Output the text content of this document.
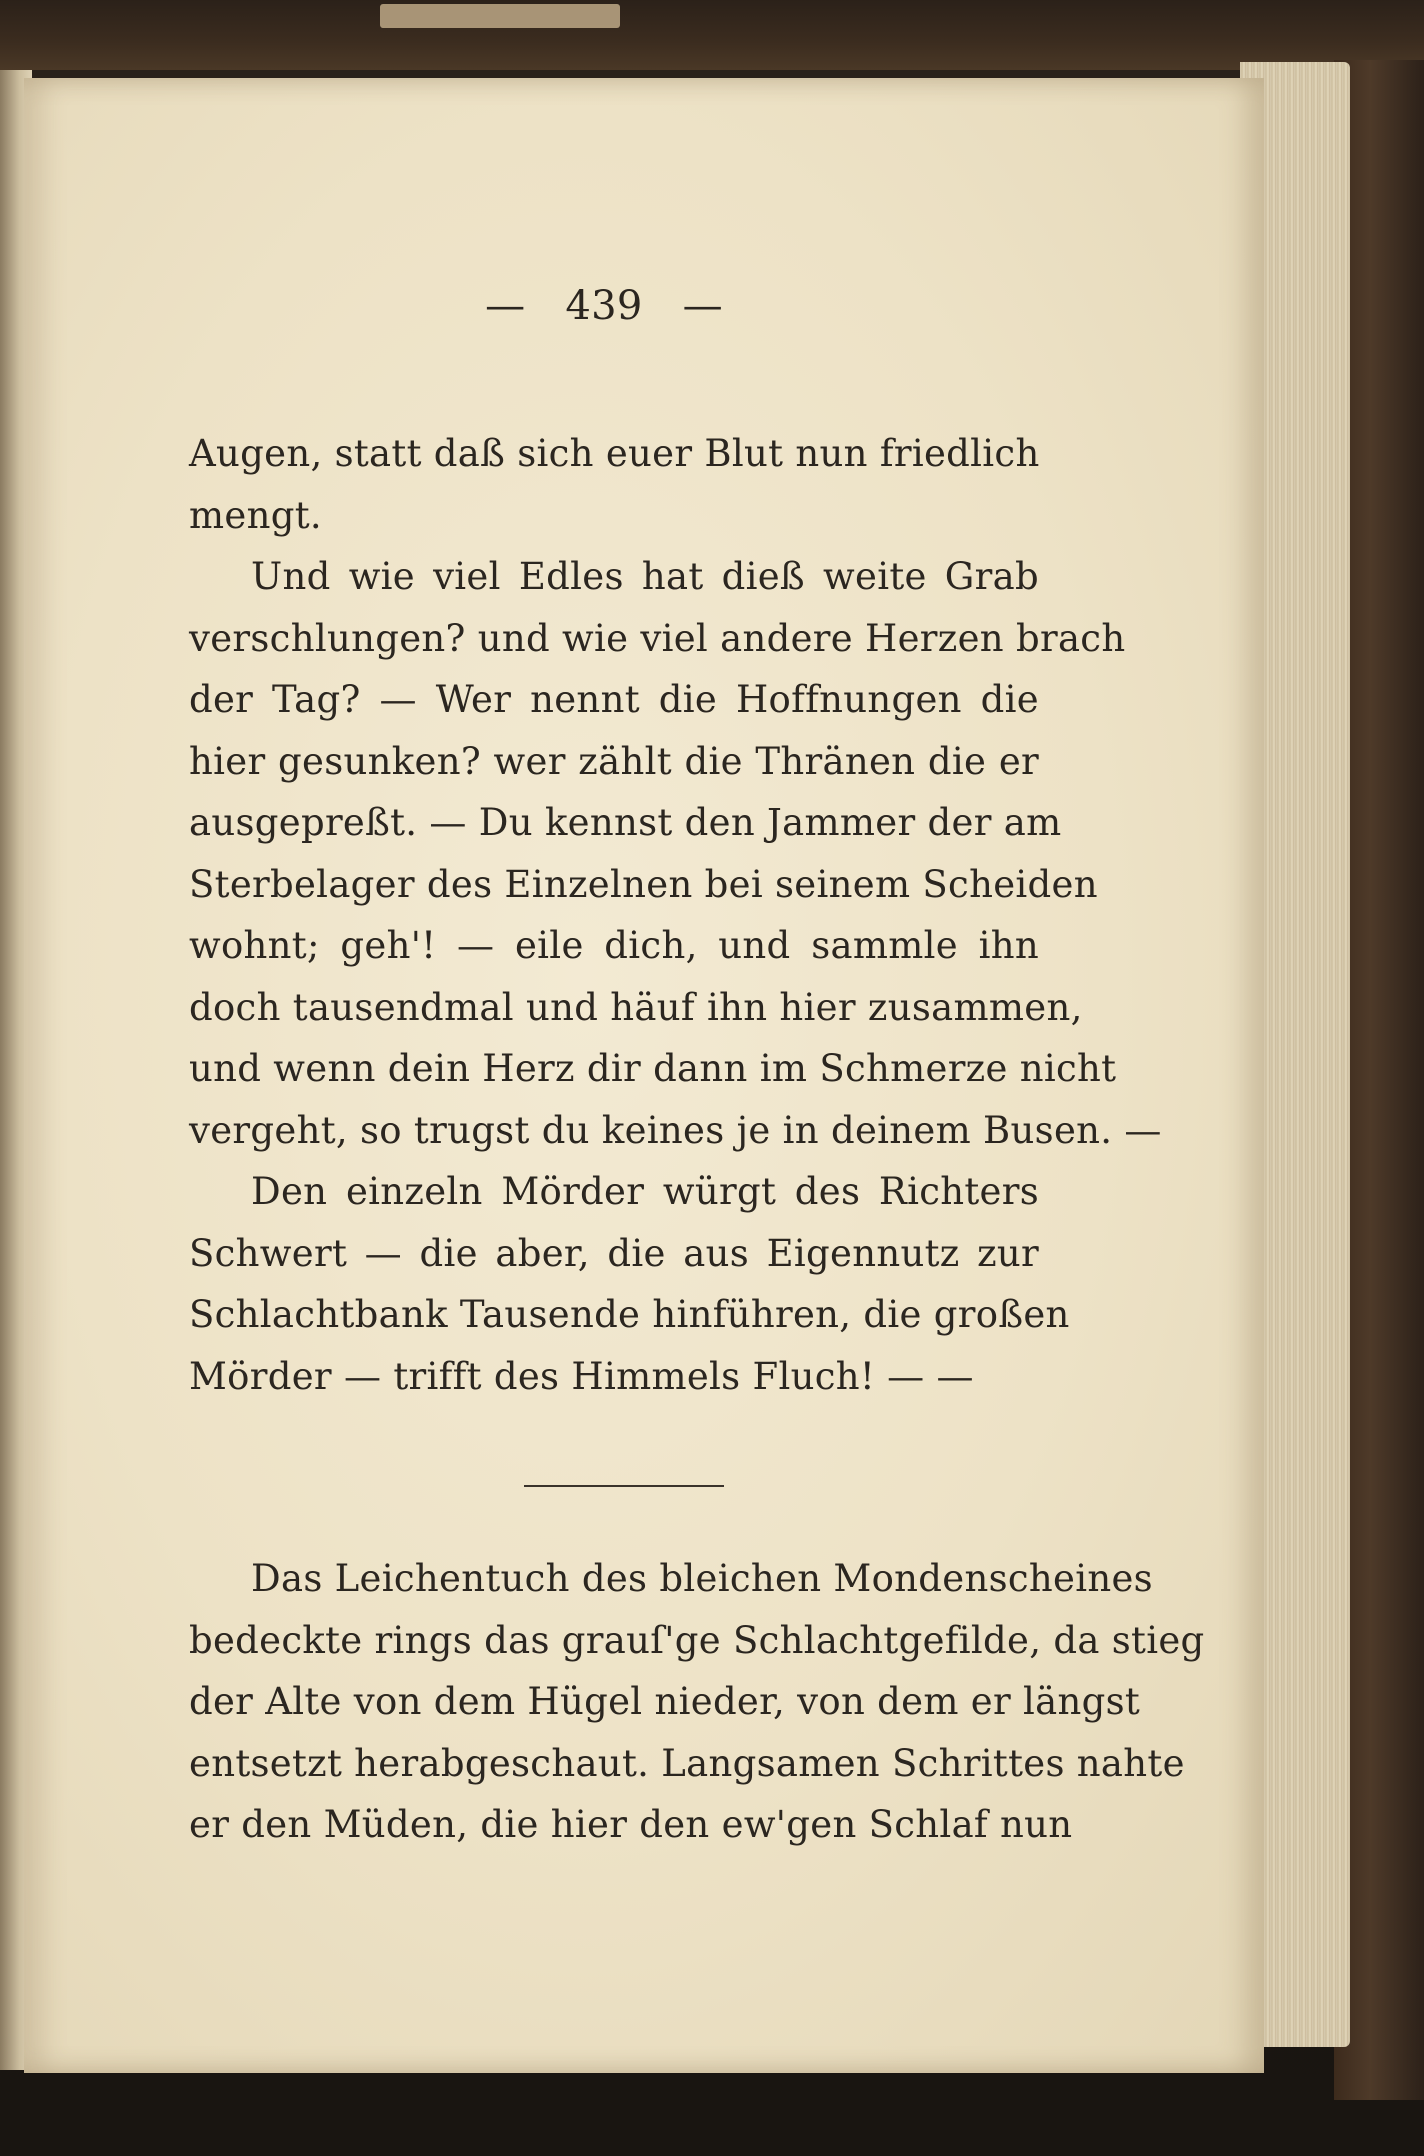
— 439 —
Augen, statt daß sich euer Blut nun friedlich
mengt.
Und wie viel Edles hat dieß weite Grab
verschlungen? und wie viel andere Herzen brach
der Tag? — Wer nennt die Hoffnungen die
hier gesunken? wer zählt die Thränen die er
ausgepreßt. — Du kennst den Jammer der am
Sterbelager des Einzelnen bei seinem Scheiden
wohnt; geh'! — eile dich, und sammle ihn
doch tausendmal und häuf ihn hier zusammen,
und wenn dein Herz dir dann im Schmerze nicht
vergeht, so trugst du keines je in deinem Busen. —
Den einzeln Mörder würgt des Richters
Schwert — die aber, die aus Eigennutz zur
Schlachtbank Tausende hinführen, die großen
Mörder — trifft des Himmels Fluch! — —
Das Leichentuch des bleichen Mondenscheines
bedeckte rings das grauſ'ge Schlachtgefilde, da stieg
der Alte von dem Hügel nieder, von dem er längst
entsetzt herabgeschaut. Langsamen Schrittes nahte
er den Müden, die hier den ew'gen Schlaf nun
